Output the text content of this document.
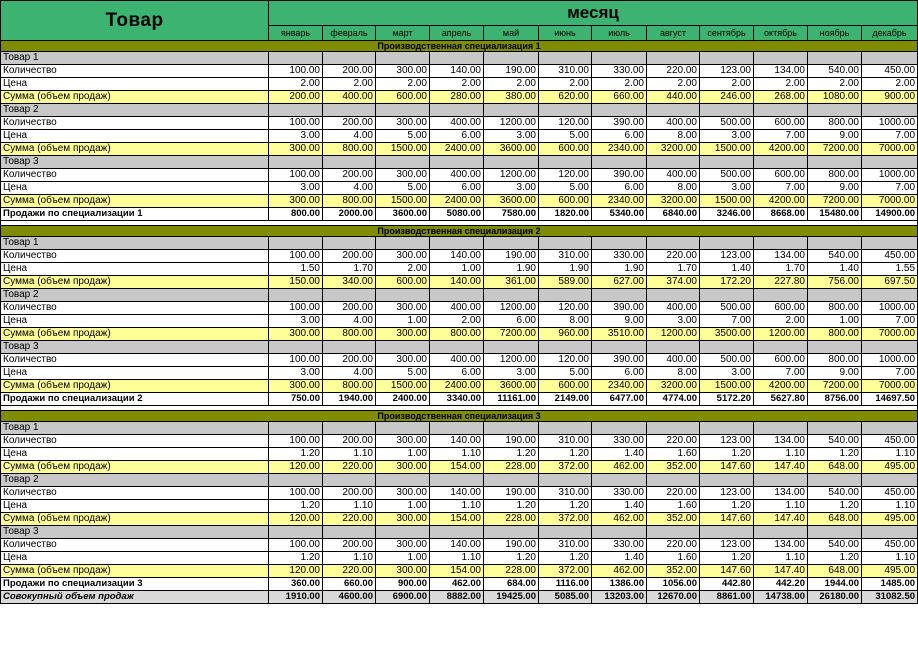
Товар	месяц											
	январь	февраль	март	апрель	май	июнь	июль	август	сентябрь	октябрь	ноябрь	декабрь
Производственная специализация 1												
Товар 1												
Количество	100.00	200.00	300.00	140.00	190.00	310.00	330.00	220.00	123.00	134.00	540.00	450.00
Цена	2.00	2.00	2.00	2.00	2.00	2.00	2.00	2.00	2.00	2.00	2.00	2.00
Сумма (объем продаж)	200.00	400.00	600.00	280.00	380.00	620.00	660.00	440.00	246.00	268.00	1080.00	900.00
Товар 2												
Количество	100.00	200.00	300.00	400.00	1200.00	120.00	390.00	400.00	500.00	600.00	800.00	1000.00
Цена	3.00	4.00	5.00	6.00	3.00	5.00	6.00	8.00	3.00	7.00	9.00	7.00
Сумма (объем продаж)	300.00	800.00	1500.00	2400.00	3600.00	600.00	2340.00	3200.00	1500.00	4200.00	7200.00	7000.00
Товар 3												
Количество	100.00	200.00	300.00	400.00	1200.00	120.00	390.00	400.00	500.00	600.00	800.00	1000.00
Цена	3.00	4.00	5.00	6.00	3.00	5.00	6.00	8.00	3.00	7.00	9.00	7.00
Сумма (объем продаж)	300.00	800.00	1500.00	2400.00	3600.00	600.00	2340.00	3200.00	1500.00	4200.00	7200.00	7000.00
Продажи по специализации 1	800.00	2000.00	3600.00	5080.00	7580.00	1820.00	5340.00	6840.00	3246.00	8668.00	15480.00	14900.00

Производственная специализация 2												
Товар 1												
Количество	100.00	200.00	300.00	140.00	190.00	310.00	330.00	220.00	123.00	134.00	540.00	450.00
Цена	1.50	1.70	2.00	1.00	1.90	1.90	1.90	1.70	1.40	1.70	1.40	1.55
Сумма (объем продаж)	150.00	340.00	600.00	140.00	361.00	589.00	627.00	374.00	172.20	227.80	756.00	697.50
Товар 2												
Количество	100.00	200.00	300.00	400.00	1200.00	120.00	390.00	400.00	500.00	600.00	800.00	1000.00
Цена	3.00	4.00	1.00	2.00	6.00	8.00	9.00	3.00	7.00	2.00	1.00	7.00
Сумма (объем продаж)	300.00	800.00	300.00	800.00	7200.00	960.00	3510.00	1200.00	3500.00	1200.00	800.00	7000.00
Товар 3												
Количество	100.00	200.00	300.00	400.00	1200.00	120.00	390.00	400.00	500.00	600.00	800.00	1000.00
Цена	3.00	4.00	5.00	6.00	3.00	5.00	6.00	8.00	3.00	7.00	9.00	7.00
Сумма (объем продаж)	300.00	800.00	1500.00	2400.00	3600.00	600.00	2340.00	3200.00	1500.00	4200.00	7200.00	7000.00
Продажи по специализации 2	750.00	1940.00	2400.00	3340.00	11161.00	2149.00	6477.00	4774.00	5172.20	5627.80	8756.00	14697.50

Производственная специализация 3												
Товар 1												
Количество	100.00	200.00	300.00	140.00	190.00	310.00	330.00	220.00	123.00	134.00	540.00	450.00
Цена	1.20	1.10	1.00	1.10	1.20	1.20	1.40	1.60	1.20	1.10	1.20	1.10
Сумма (объем продаж)	120.00	220.00	300.00	154.00	228.00	372.00	462.00	352.00	147.60	147.40	648.00	495.00
Товар 2												
Количество	100.00	200.00	300.00	140.00	190.00	310.00	330.00	220.00	123.00	134.00	540.00	450.00
Цена	1.20	1.10	1.00	1.10	1.20	1.20	1.40	1.60	1.20	1.10	1.20	1.10
Сумма (объем продаж)	120.00	220.00	300.00	154.00	228.00	372.00	462.00	352.00	147.60	147.40	648.00	495.00
Товар 3												
Количество	100.00	200.00	300.00	140.00	190.00	310.00	330.00	220.00	123.00	134.00	540.00	450.00
Цена	1.20	1.10	1.00	1.10	1.20	1.20	1.40	1.60	1.20	1.10	1.20	1.10
Сумма (объем продаж)	120.00	220.00	300.00	154.00	228.00	372.00	462.00	352.00	147.60	147.40	648.00	495.00
Продажи по специализации 3	360.00	660.00	900.00	462.00	684.00	1116.00	1386.00	1056.00	442.80	442.20	1944.00	1485.00
Совокупный объем продаж	1910.00	4600.00	6900.00	8882.00	19425.00	5085.00	13203.00	12670.00	8861.00	14738.00	26180.00	31082.50
